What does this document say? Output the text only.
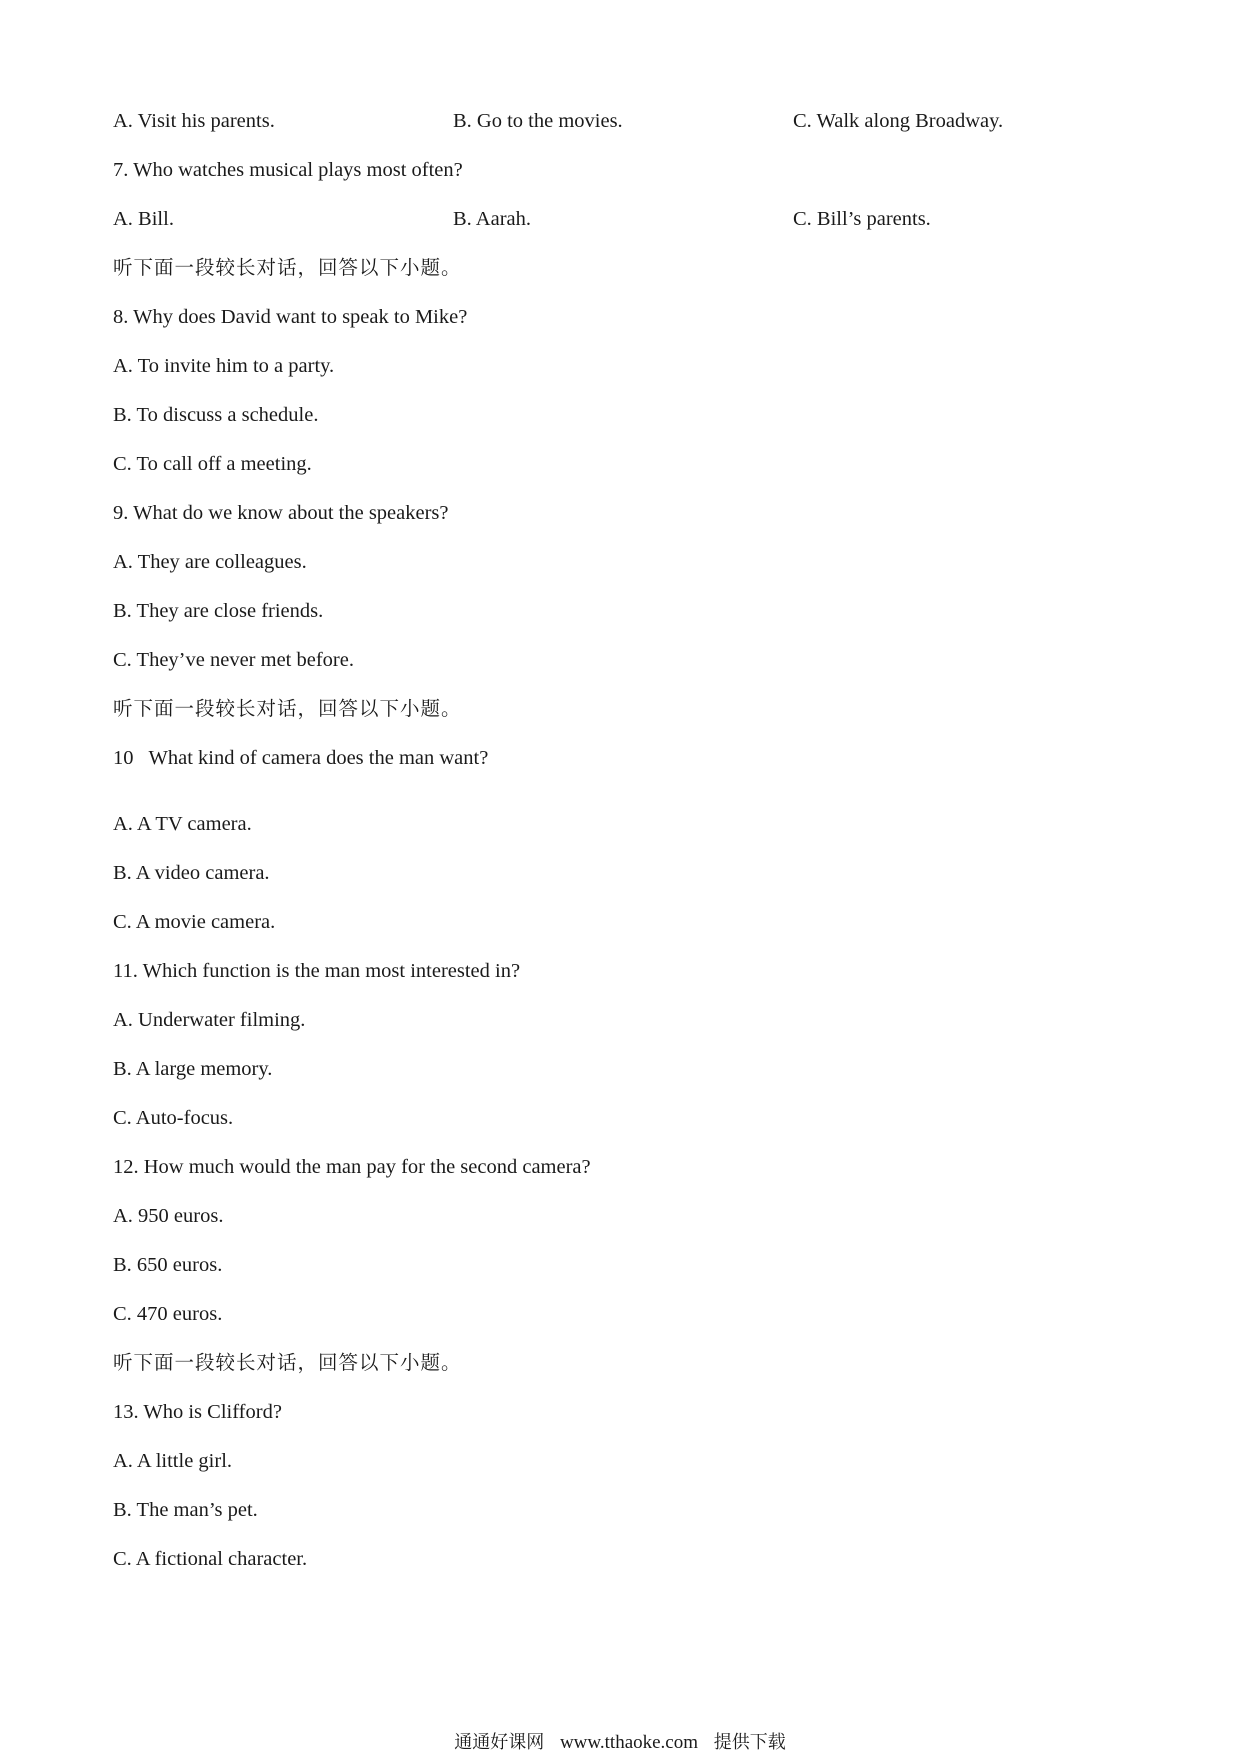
A. Visit his parents.	B. Go to the movies.	C. Walk along Broadway.
7. Who watches musical plays most often?
A. Bill.	B. Aarah.	C. Bill’s parents.
听下面一段较长对话，回答以下小题。
8. Why does David want to speak to Mike?
A. To invite him to a party.
B. To discuss a schedule.
C. To call off a meeting.
9. What do we know about the speakers?
A. They are colleagues.
B. They are close friends.
C. They’ve never met before.
听下面一段较长对话，回答以下小题。
10   What kind of camera does the man want?
A. A TV camera.
B. A video camera.
C. A movie camera.
11. Which function is the man most interested in?
A. Underwater filming.
B. A large memory.
C. Auto-focus.
12. How much would the man pay for the second camera?
A. 950 euros.
B. 650 euros.
C. 470 euros.
听下面一段较长对话，回答以下小题。
13. Who is Clifford?
A. A little girl.
B. The man’s pet.
C. A fictional character.
通通好课网 www.tthaoke.com 提供下载
